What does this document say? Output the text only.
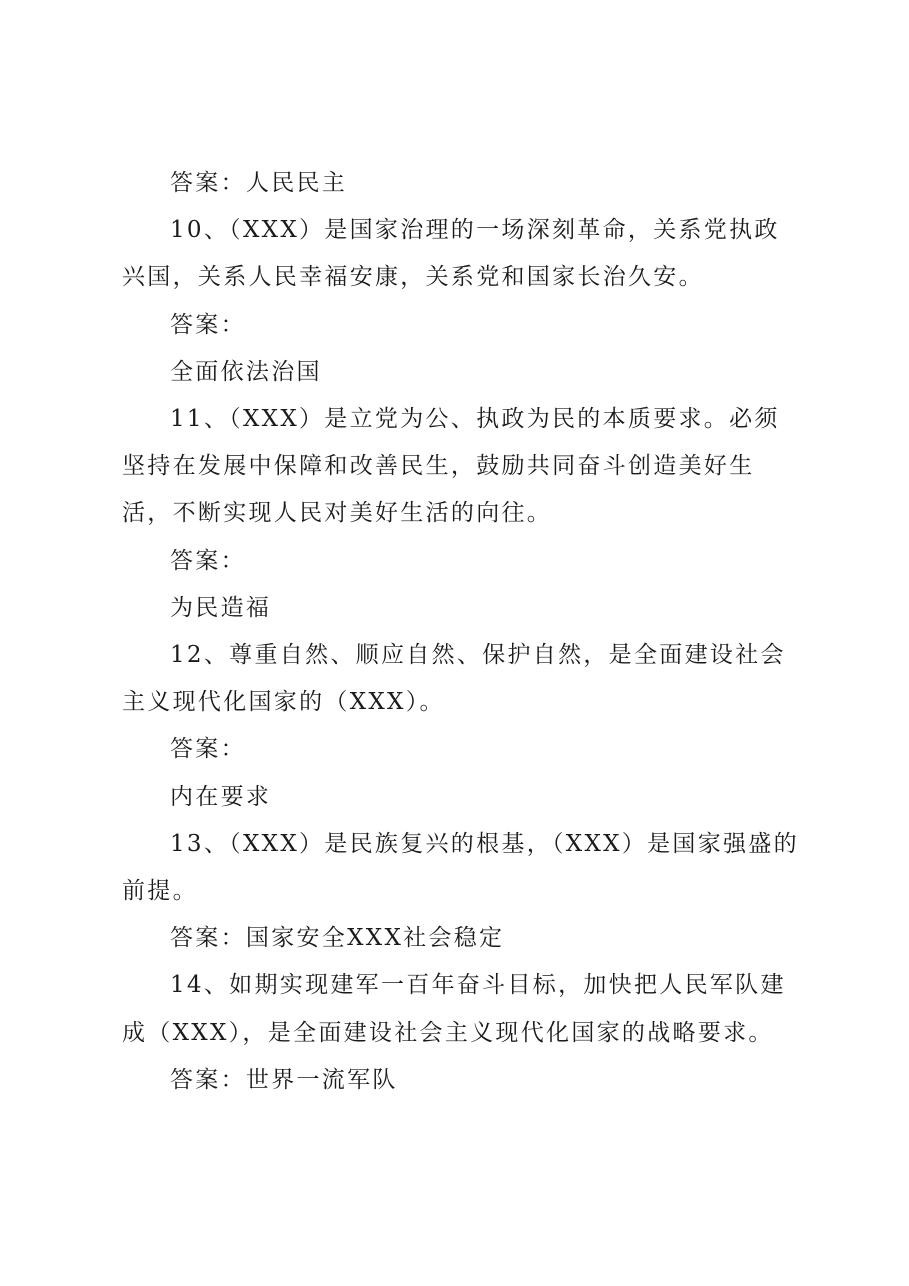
答案：人民民主

10、（XXX）是国家治理的一场深刻革命，关系党执政兴国，关系人民幸福安康，关系党和国家长治久安。

答案：

全面依法治国

11、（XXX）是立党为公、执政为民的本质要求。必须坚持在发展中保障和改善民生，鼓励共同奋斗创造美好生活，不断实现人民对美好生活的向往。

答案：

为民造福

12、尊重自然、顺应自然、保护自然，是全面建设社会主义现代化国家的（XXX）。

答案：

内在要求

13、（XXX）是民族复兴的根基，（XXX）是国家强盛的前提。

答案：国家安全XXX社会稳定

14、如期实现建军一百年奋斗目标，加快把人民军队建成（XXX），是全面建设社会主义现代化国家的战略要求。

答案：世界一流军队
